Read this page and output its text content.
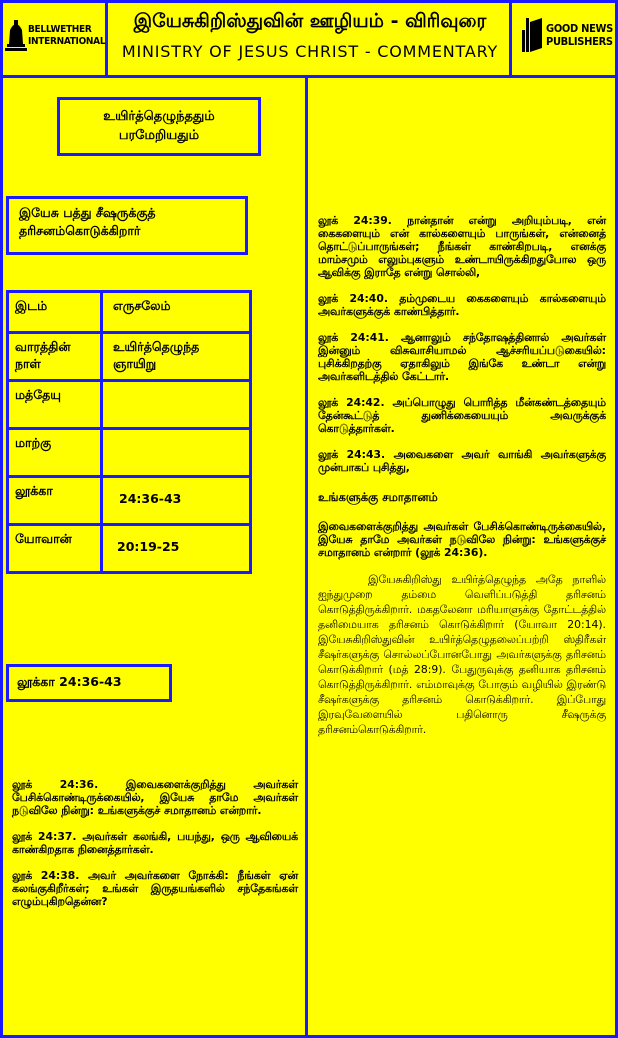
BELLWETHER INTERNATIONAL
இயேசுகிறிஸ்துவின் ஊழியம் - விரிவுரை
MINISTRY OF JESUS CHRIST - COMMENTARY
GOOD NEWS PUBLISHERS
உயிர்த்தெழுந்ததும்
பரமேறியதும்
இயேசு பத்து சீஷருக்குத்
தரிசனம்கொடுக்கிறார்
இடம்	எருசலேம்
வாரத்தின் நாள்
உயிர்த்தெழுந்த ஞாயிறு
மத்தேயு
மாற்கு
லூக்கா
24:36-43
யோவான்
20:19-25
லூக்கா 24:36-43

லூக் 24:36. இவைகளைக்குறித்து அவர்கள் பேசிக்கொண்டிருக்கையில், இயேசு தாமே அவர்கள் நடுவிலே நின்று: உங்களுக்குச் சமாதானம் என்றார்.

லூக் 24:37. அவர்கள் கலங்கி, பயந்து, ஒரு ஆவியைக் காண்கிறதாக நினைத்தார்கள்.

லூக் 24:38. அவர் அவர்களை நோக்கி: நீங்கள் ஏன் கலங்குகிறீர்கள்; உங்கள் இருதயங்களில் சந்தேகங்கள் எழும்புகிறதென்ன?

லூக் 24:39. நான்தான் என்று அறியும்படி, என் கைகளையும் என் கால்களையும் பாருங்கள், என்னைத் தொட்டுப்பாருங்கள்; நீங்கள் காண்கிறபடி, எனக்கு மாம்சமும் எலும்புகளும் உண்டாயிருக்கிறதுபோல ஒரு ஆவிக்கு இராதே என்று சொல்லி,

லூக் 24:40. தம்முடைய கைகளையும் கால்களையும் அவர்களுக்குக் காண்பித்தார்.

லூக் 24:41. ஆனாலும் சந்தோஷத்தினால் அவர்கள் இன்னும் விசுவாசியாமல் ஆச்சரியப்படுகையில்: புசிக்கிறதற்கு ஏதாகிலும் இங்கே உண்டா என்று அவர்களிடத்தில் கேட்டார்.

லூக் 24:42. அப்பொழுது பொரித்த மீன்கண்டத்தையும் தேன்கூட்டுத் துணிக்கையையும் அவருக்குக் கொடுத்தார்கள்.

லூக் 24:43. அவைகளை அவர் வாங்கி அவர்களுக்கு முன்பாகப் புசித்து,

உங்களுக்கு சமாதானம்

இவைகளைக்குறித்து அவர்கள் பேசிக்கொண்டிருக்கையில், இயேசு தாமே அவர்கள் நடுவிலே நின்று: உங்களுக்குச் சமாதானம் என்றார் (லூக் 24:36).

இயேசுகிறிஸ்து உயிர்த்தெழுந்த அதே நாளில் ஐந்துமுறை தம்மை வெளிப்படுத்தி தரிசனம் கொடுத்திருக்கிறார். மகதலேனா மரியாளுக்கு தோட்டத்தில் தனிமையாக தரிசனம் கொடுக்கிறார் (யோவா 20:14). இயேசுகிறிஸ்துவின் உயிர்த்தெழுதலைப்பற்றி ஸ்திரீகள் சீஷர்களுக்கு சொல்லப்போனபோது அவர்களுக்கு தரிசனம் கொடுக்கிறார் (மத் 28:9). பேதுருவுக்கு தனியாக தரிசனம் கொடுத்திருக்கிறார். எம்மாவுக்கு போகும் வழியில் இரண்டு சீஷர்களுக்கு தரிசனம் கொடுக்கிறார். இப்போது இரவுவேளையில் பதினொரு சீஷருக்கு தரிசனம்கொடுக்கிறார்.
